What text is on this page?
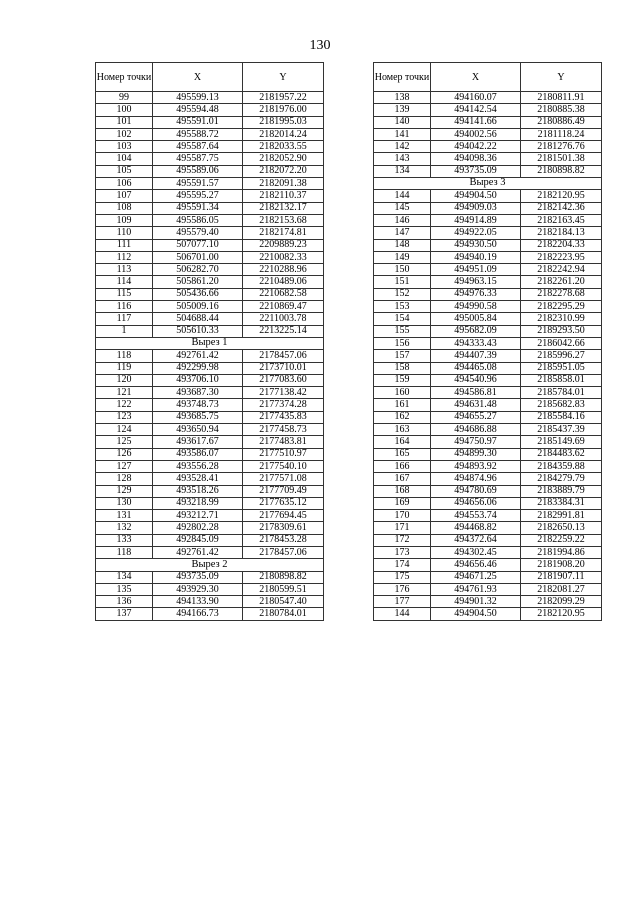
130
Номер точки	X	Y
99	495599.13	2181957.22
100	495594.48	2181976.00
101	495591.01	2181995.03
102	495588.72	2182014.24
103	495587.64	2182033.55
104	495587.75	2182052.90
105	495589.06	2182072.20
106	495591.57	2182091.38
107	495595.27	2182110.37
108	495591.34	2182132.17
109	495586.05	2182153.68
110	495579.40	2182174.81
111	507077.10	2209889.23
112	506701.00	2210082.33
113	506282.70	2210288.96
114	505861.20	2210489.06
115	505436.66	2210682.58
116	505009.16	2210869.47
117	504688.44	2211003.78
1	505610.33	2213225.14
Вырез 1		
118	492761.42	2178457.06
119	492299.98	2173710.01
120	493706.10	2177083.60
121	493687.30	2177138.42
122	493748.73	2177374.28
123	493685.75	2177435.83
124	493650.94	2177458.73
125	493617.67	2177483.81
126	493586.07	2177510.97
127	493556.28	2177540.10
128	493528.41	2177571.08
129	493518.26	2177709.49
130	493218.99	2177635.12
131	493212.71	2177694.45
132	492802.28	2178309.61
133	492845.09	2178453.28
118	492761.42	2178457.06
Вырез 2		
134	493735.09	2180898.82
135	493929.30	2180599.51
136	494133.90	2180547.40
137	494166.73	2180784.01
Номер точки	X	Y
138	494160.07	2180811.91
139	494142.54	2180885.38
140	494141.66	2180886.49
141	494002.56	2181118.24
142	494042.22	2181276.76
143	494098.36	2181501.38
134	493735.09	2180898.82
Вырез 3		
144	494904.50	2182120.95
145	494909.03	2182142.36
146	494914.89	2182163.45
147	494922.05	2182184.13
148	494930.50	2182204.33
149	494940.19	2182223.95
150	494951.09	2182242.94
151	494963.15	2182261.20
152	494976.33	2182278.68
153	494990.58	2182295.29
154	495005.84	2182310.99
155	495682.09	2189293.50
156	494333.43	2186042.66
157	494407.39	2185996.27
158	494465.08	2185951.05
159	494540.96	2185858.01
160	494586.81	2185784.01
161	494631.48	2185682.83
162	494655.27	2185584.16
163	494686.88	2185437.39
164	494750.97	2185149.69
165	494899.30	2184483.62
166	494893.92	2184359.88
167	494874.96	2184279.79
168	494780.69	2183889.79
169	494656.06	2183384.31
170	494553.74	2182991.81
171	494468.82	2182650.13
172	494372.64	2182259.22
173	494302.45	2181994.86
174	494656.46	2181908.20
175	494671.25	2181907.11
176	494761.93	2182081.27
177	494901.32	2182099.29
144	494904.50	2182120.95
